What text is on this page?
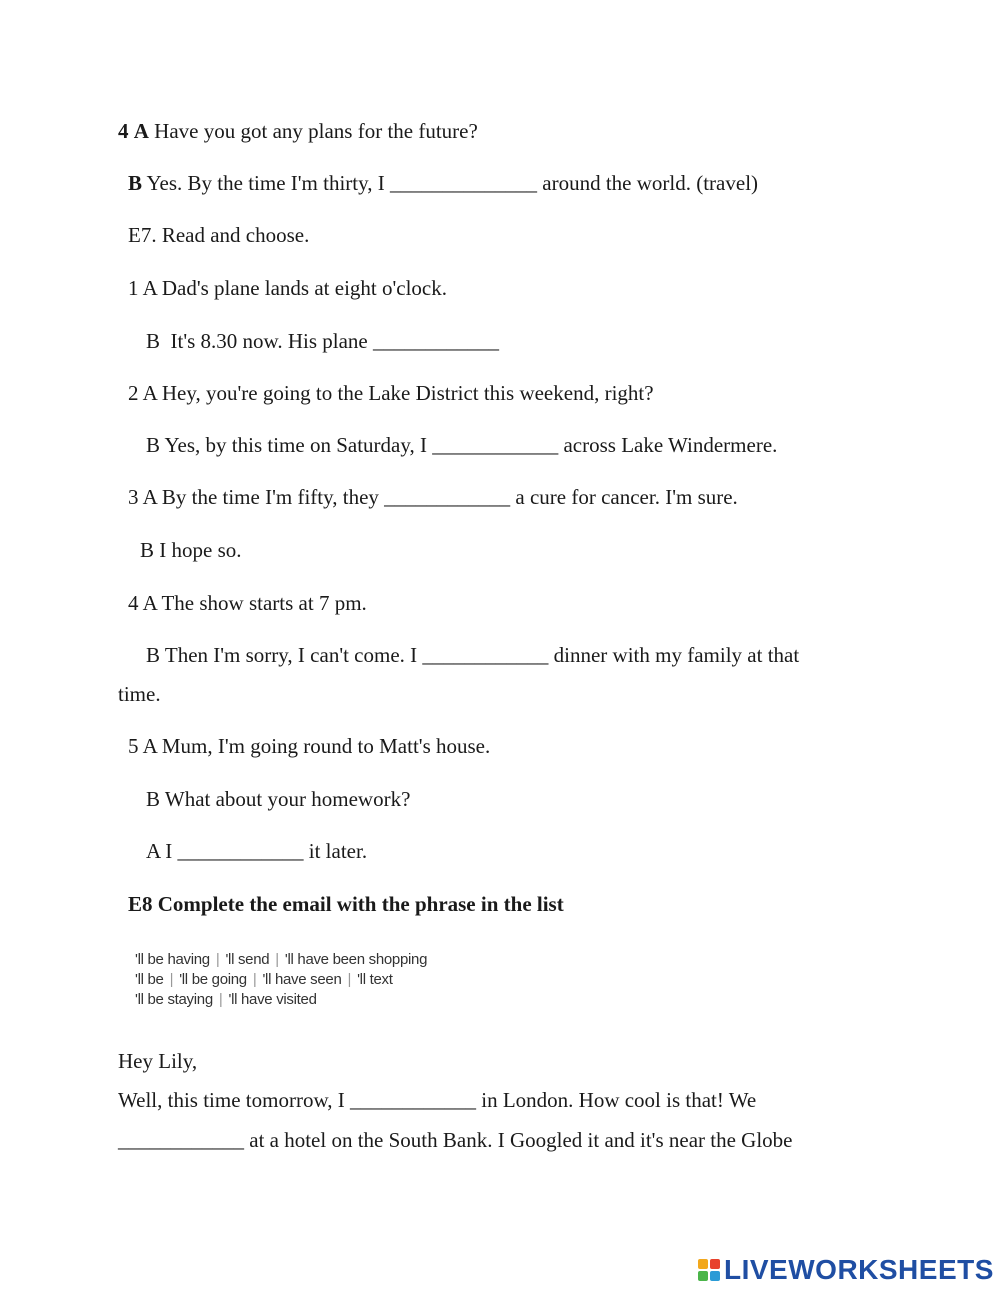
4 A Have you got any plans for the future?
B Yes. By the time I'm thirty, I ______________ around the world. (travel)
E7. Read and choose.
1 A Dad's plane lands at eight o'clock.
B  It's 8.30 now. His plane ____________
2 A Hey, you're going to the Lake District this weekend, right?
B Yes, by this time on Saturday, I ____________ across Lake Windermere.
3 A By the time I'm fifty, they ____________ a cure for cancer. I'm sure.
B I hope so.
4 A The show starts at 7 pm.
B Then I'm sorry, I can't come. I ____________ dinner with my family at that
time.
5 A Mum, I'm going round to Matt's house.
B What about your homework?
A I ____________ it later.
E8 Complete the email with the phrase in the list
'll be having | 'll send | 'll have been shopping
'll be | 'll be going | 'll have seen | 'll text
'll be staying | 'll have visited
Hey Lily,
Well, this time tomorrow, I ____________ in London. How cool is that! We
____________ at a hotel on the South Bank. I Googled it and it's near the Globe
LIVEWORKSHEETS
